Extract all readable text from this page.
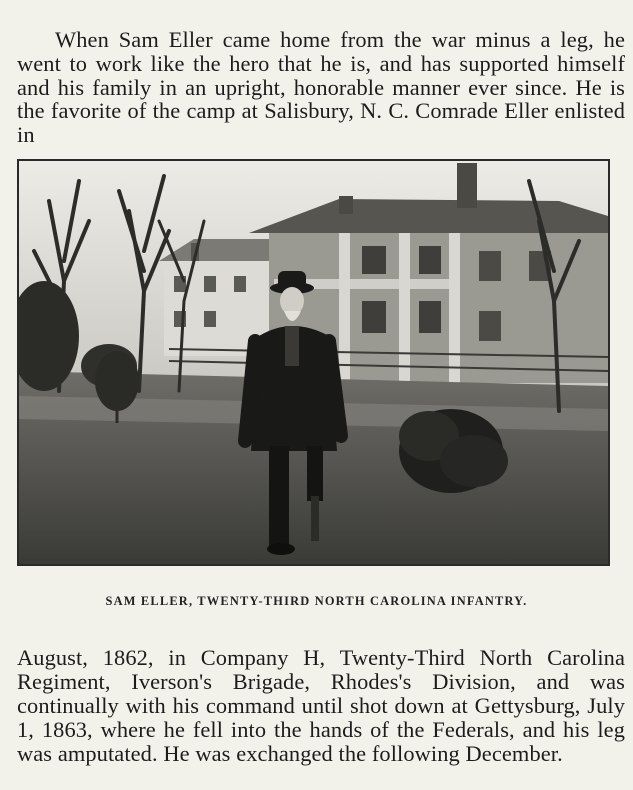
When Sam Eller came home from the war minus a leg, he went to work like the hero that he is, and has supported himself and his family in an upright, honorable manner ever since. He is the favorite of the camp at Salisbury, N. C. Comrade Eller enlisted in

SAM ELLER, TWENTY-THIRD NORTH CAROLINA INFANTRY.

August, 1862, in Company H, Twenty-Third North Carolina Regiment, Iverson's Brigade, Rhodes's Division, and was continually with his command until shot down at Gettysburg, July 1, 1863, where he fell into the hands of the Federals, and his leg was amputated. He was exchanged the following December.
